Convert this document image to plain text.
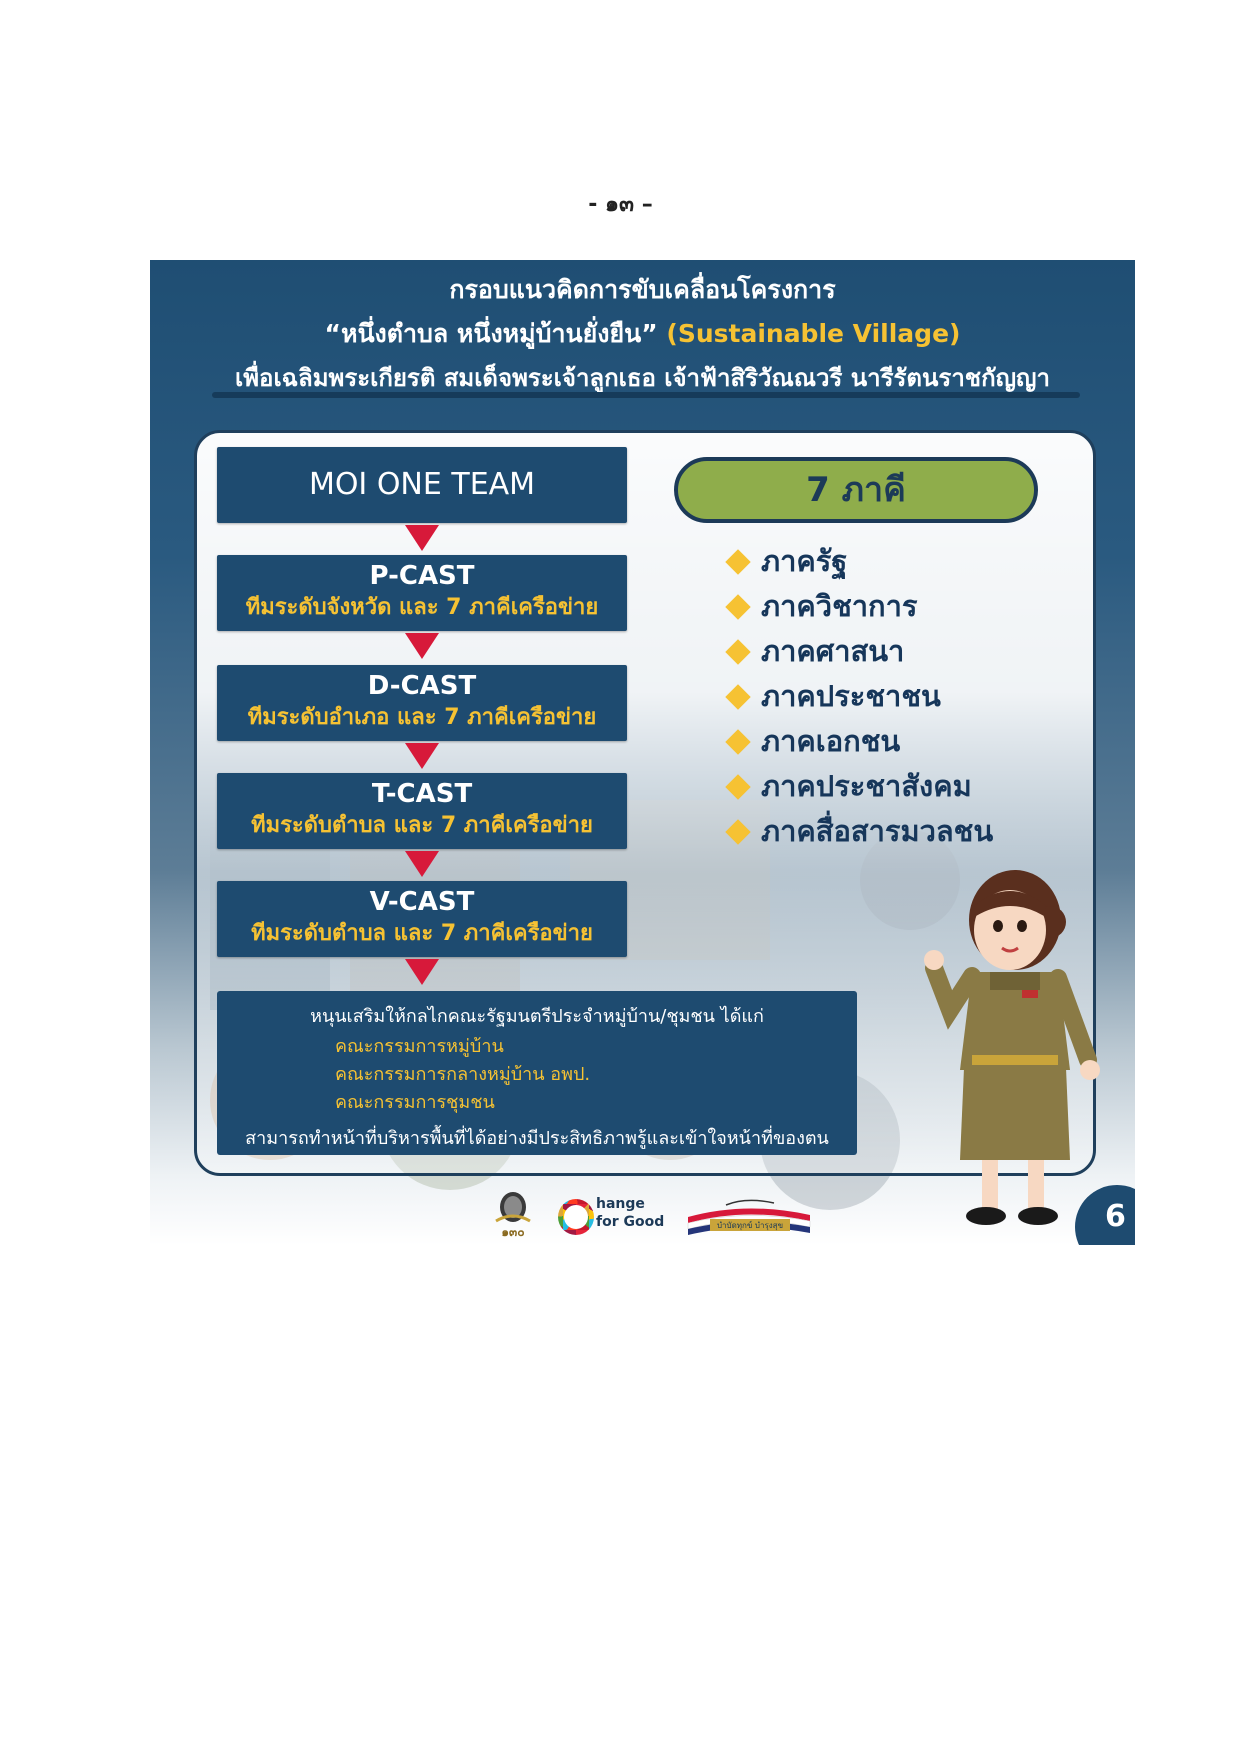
- ๑๓ –
กรอบแนวคิดการขับเคลื่อนโครงการ
“หนึ่งตำบล หนึ่งหมู่บ้านยั่งยืน” (Sustainable Village)
เพื่อเฉลิมพระเกียรติ สมเด็จพระเจ้าลูกเธอ เจ้าฟ้าสิริวัณณวรี นารีรัตนราชกัญญา
MOI ONE TEAM
P-CAST
ทีมระดับจังหวัด และ 7 ภาคีเครือข่าย
D-CAST
ทีมระดับอำเภอ และ 7 ภาคีเครือข่าย
T-CAST
ทีมระดับตำบล และ 7 ภาคีเครือข่าย
V-CAST
ทีมระดับตำบล และ 7 ภาคีเครือข่าย
หนุนเสริมให้กลไกคณะรัฐมนตรีประจำหมู่บ้าน/ชุมชน ได้แก่
คณะกรรมการหมู่บ้าน
คณะกรรมการกลางหมู่บ้าน อพป.
คณะกรรมการชุมชน
สามารถทำหน้าที่บริหารพื้นที่ได้อย่างมีประสิทธิภาพรู้และเข้าใจหน้าที่ของตน
7 ภาคี
ภาครัฐ
ภาควิชาการ
ภาคศาสนา
ภาคประชาชน
ภาคเอกชน
ภาคประชาสังคม
ภาคสื่อสารมวลชน
๑๓๐
hange
for Good	บำบัดทุกข์ บำรุงสุข	6
